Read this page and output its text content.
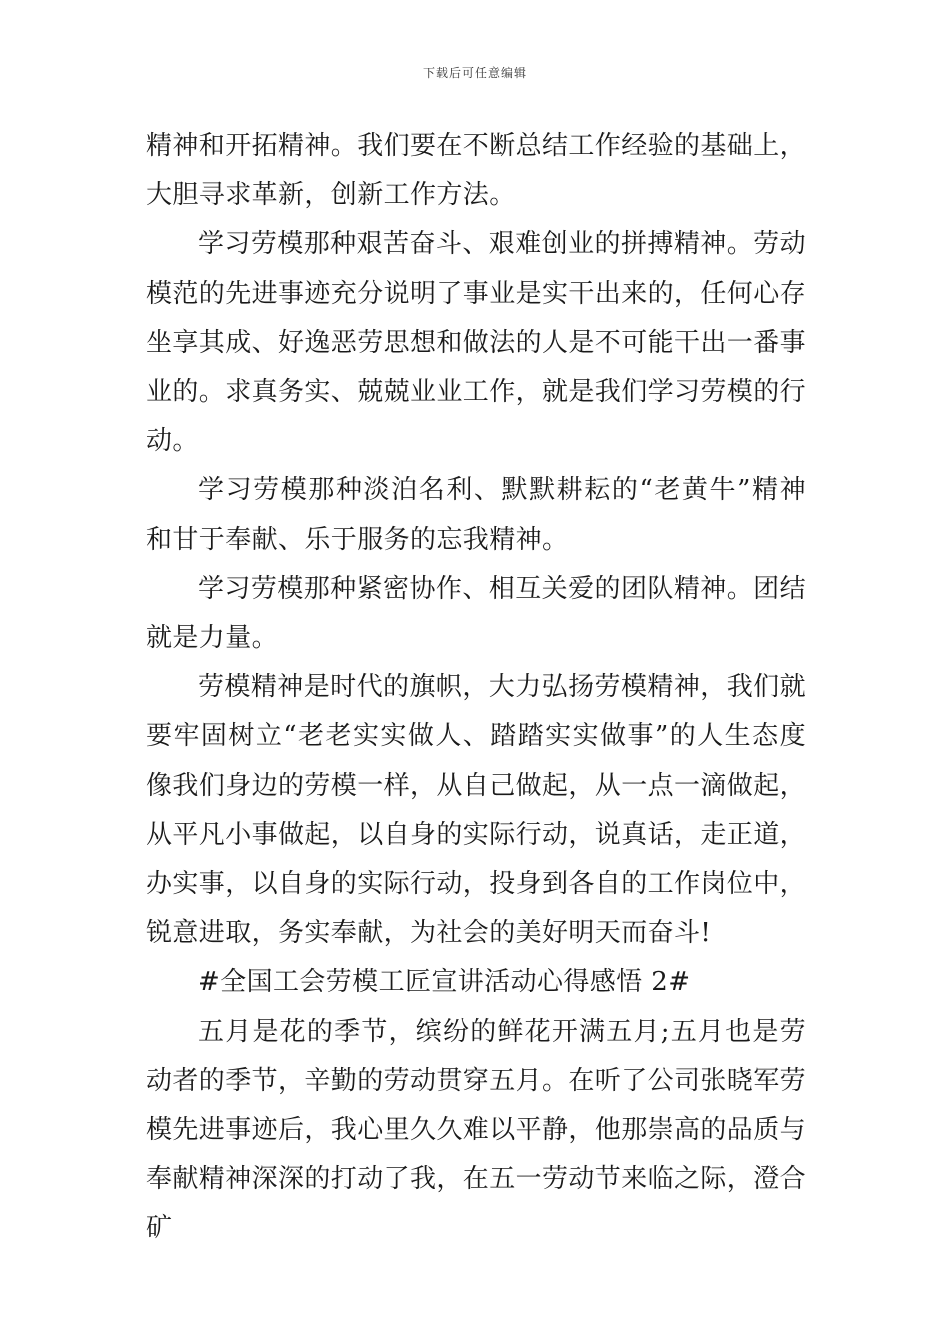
下载后可任意编辑

精神和开拓精神。我们要在不断总结工作经验的基础上，大胆寻求革新，创新工作方法。

学习劳模那种艰苦奋斗、艰难创业的拼搏精神。劳动模范的先进事迹充分说明了事业是实干出来的，任何心存坐享其成、好逸恶劳思想和做法的人是不可能干出一番事业的。求真务实、兢兢业业工作，就是我们学习劳模的行动。

学习劳模那种淡泊名利、默默耕耘的“老黄牛”精神和甘于奉献、乐于服务的忘我精神。

学习劳模那种紧密协作、相互关爱的团队精神。团结就是力量。

劳模精神是时代的旗帜，大力弘扬劳模精神，我们就要牢固树立“老老实实做人、踏踏实实做事”的人生态度像我们身边的劳模一样，从自己做起，从一点一滴做起，从平凡小事做起，以自身的实际行动，说真话，走正道，办实事，以自身的实际行动，投身到各自的工作岗位中，锐意进取，务实奉献，为社会的美好明天而奋斗!

#全国工会劳模工匠宣讲活动心得感悟 2#

五月是花的季节，缤纷的鲜花开满五月;五月也是劳动者的季节，辛勤的劳动贯穿五月。在听了公司张晓军劳模先进事迹后，我心里久久难以平静，他那崇高的品质与奉献精神深深的打动了我，在五一劳动节来临之际，澄合矿
